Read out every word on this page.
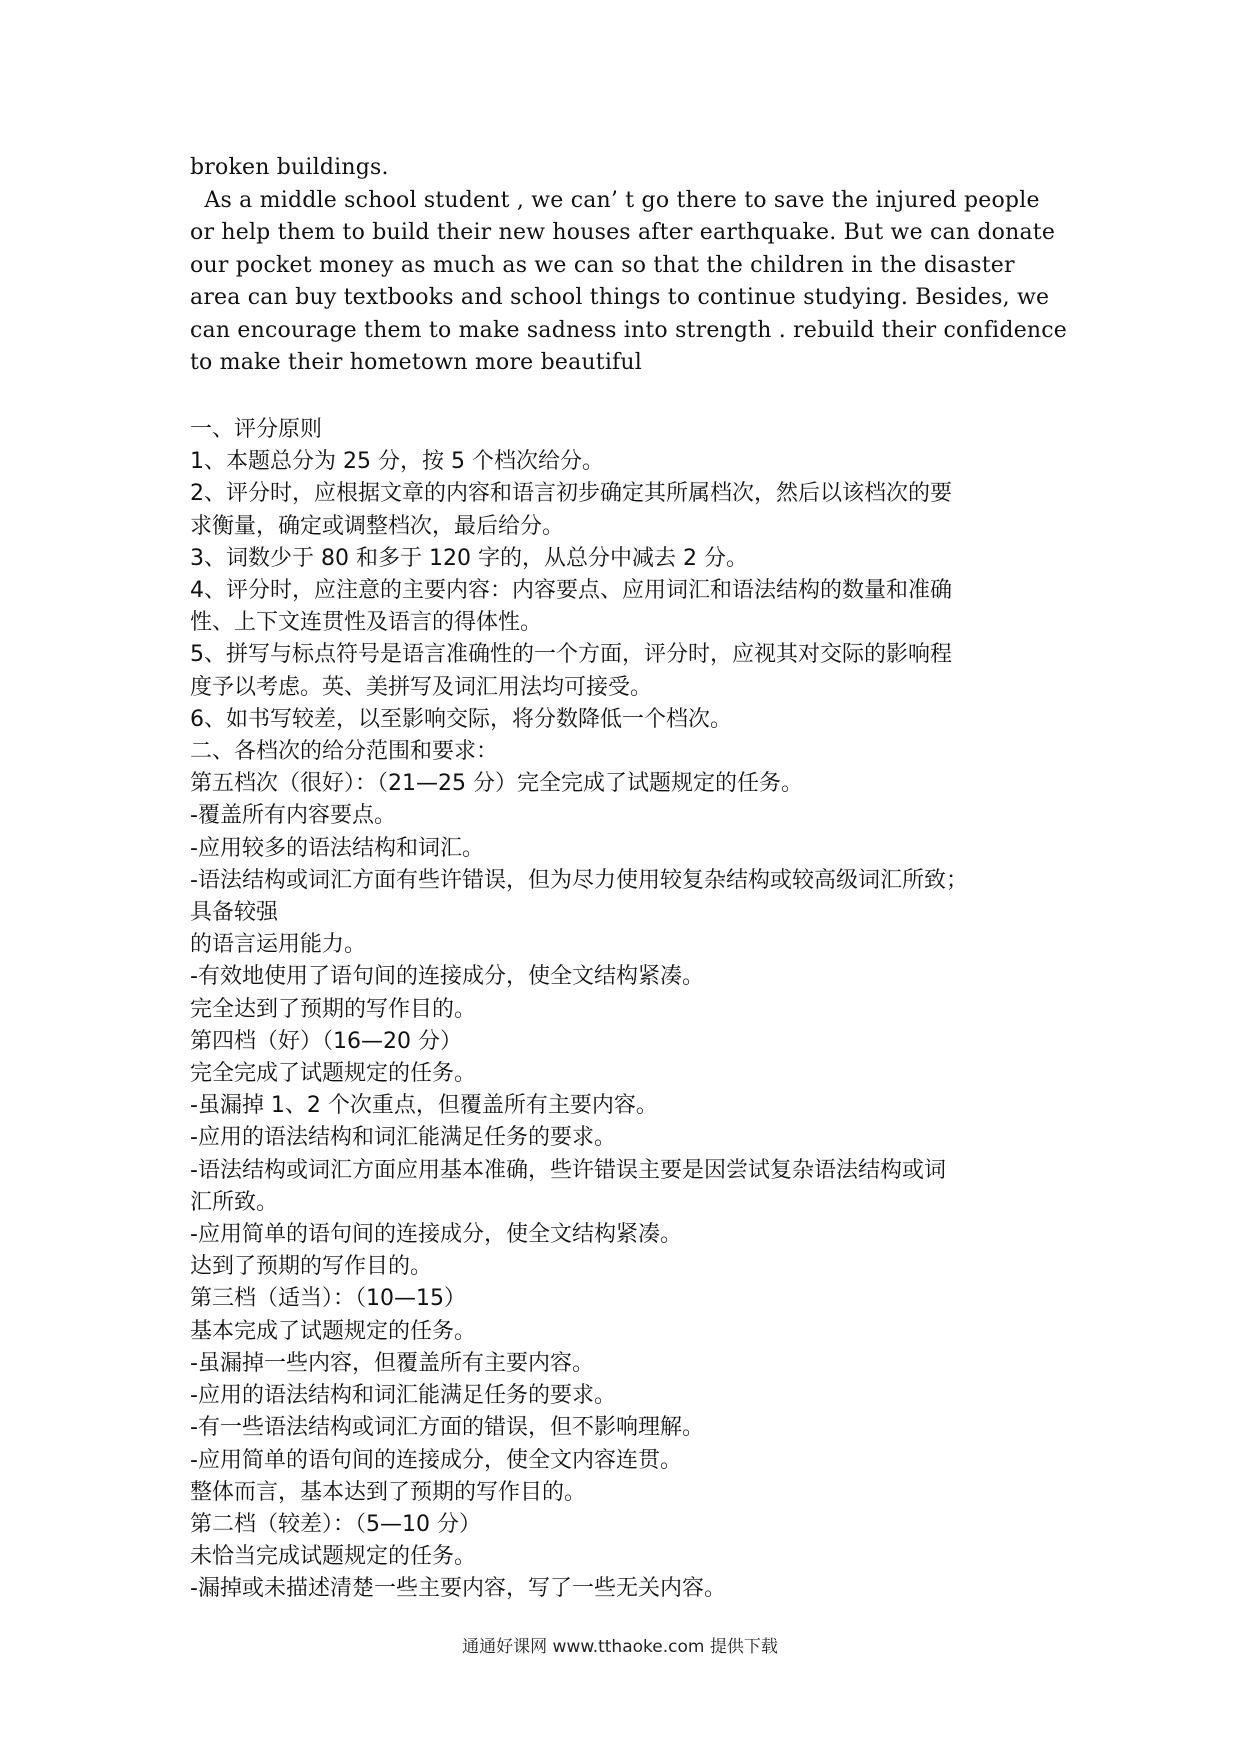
broken buildings.
As a middle school student , we can’ t go there to save the injured people
or help them to build their new houses after earthquake. But we can donate
our pocket money as much as we can so that the children in the disaster
area can buy textbooks and school things to continue studying. Besides, we
can encourage them to make sadness into strength . rebuild their confidence
to make their hometown more beautiful
一、评分原则
1、本题总分为 25 分，按 5 个档次给分。
2、评分时，应根据文章的内容和语言初步确定其所属档次，然后以该档次的要
求衡量，确定或调整档次，最后给分。
3、词数少于 80 和多于 120 字的，从总分中减去 2 分。
4、评分时，应注意的主要内容：内容要点、应用词汇和语法结构的数量和准确
性、上下文连贯性及语言的得体性。
5、拼写与标点符号是语言准确性的一个方面，评分时，应视其对交际的影响程
度予以考虑。英、美拼写及词汇用法均可接受。
6、如书写较差，以至影响交际，将分数降低一个档次。
二、各档次的给分范围和要求：
第五档次（很好）：（21—25 分）完全完成了试题规定的任务。
-覆盖所有内容要点。
-应用较多的语法结构和词汇。
-语法结构或词汇方面有些许错误，但为尽力使用较复杂结构或较高级词汇所致；
具备较强
的语言运用能力。
-有效地使用了语句间的连接成分，使全文结构紧凑。
完全达到了预期的写作目的。
第四档（好）（16—20 分）
完全完成了试题规定的任务。
-虽漏掉 1、2 个次重点，但覆盖所有主要内容。
-应用的语法结构和词汇能满足任务的要求。
-语法结构或词汇方面应用基本准确，些许错误主要是因尝试复杂语法结构或词
汇所致。
-应用简单的语句间的连接成分，使全文结构紧凑。
达到了预期的写作目的。
第三档（适当）：（10—15）
基本完成了试题规定的任务。
-虽漏掉一些内容，但覆盖所有主要内容。
-应用的语法结构和词汇能满足任务的要求。
-有一些语法结构或词汇方面的错误，但不影响理解。
-应用简单的语句间的连接成分，使全文内容连贯。
整体而言，基本达到了预期的写作目的。
第二档（较差）：（5—10 分）
未恰当完成试题规定的任务。
-漏掉或未描述清楚一些主要内容，写了一些无关内容。
通通好课网 www.tthaoke.com 提供下载
